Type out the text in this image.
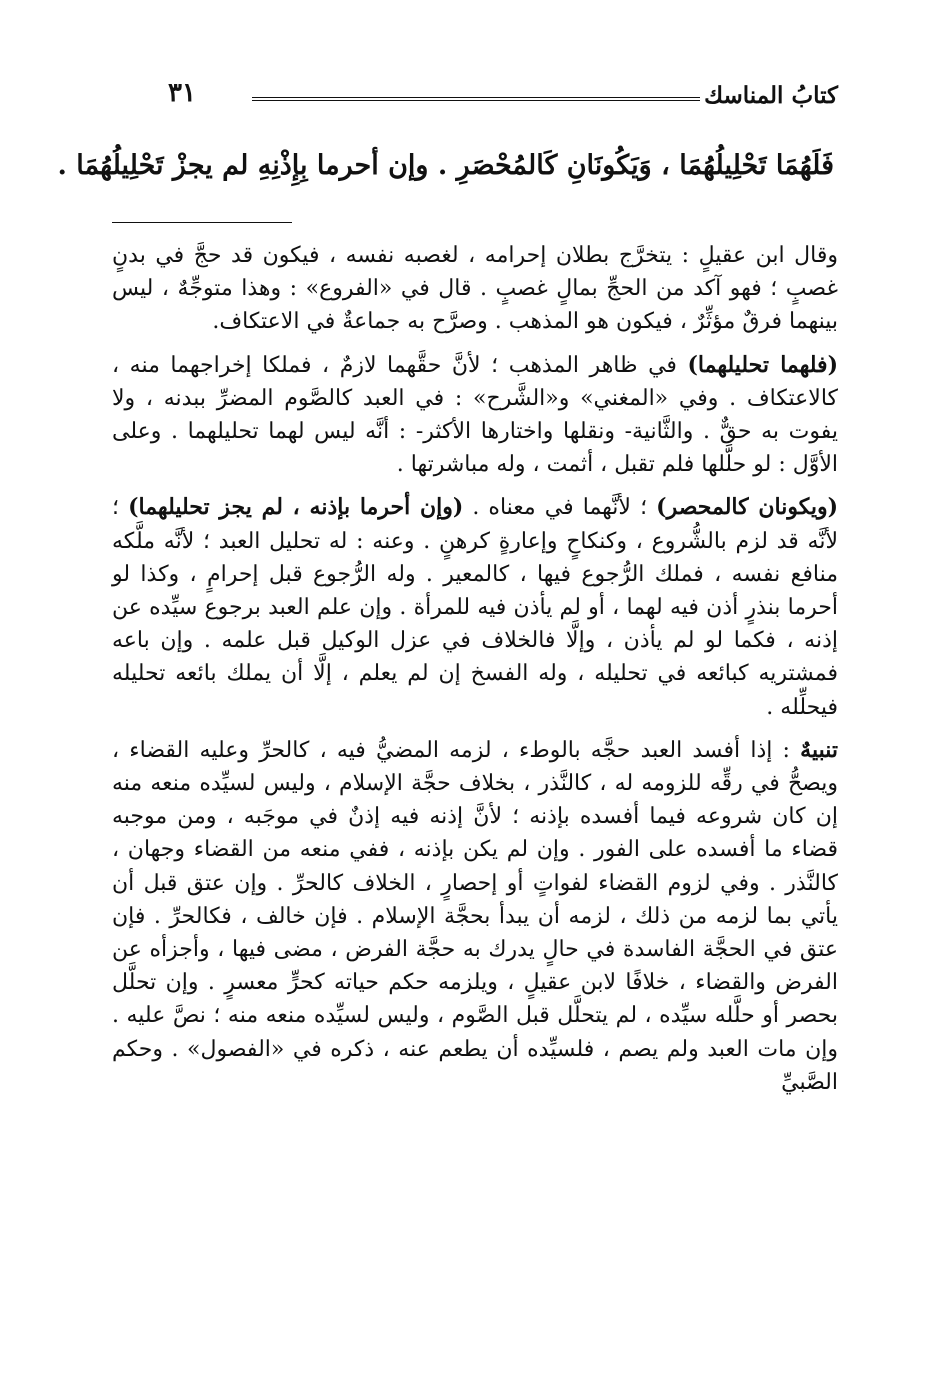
كتابُ المناسك
٣١
فَلَهُمَا تَحْلِيلُهُمَا ، وَيَكُونَانِ كَالمُحْصَرِ . وإن أحرما بِإِذْنِهِ لم يجزْ تَحْلِيلُهُمَا .

وقال ابن عقيلٍ : يتخرَّج بطلان إحرامه ، لغصبه نفسه ، فيكون قد حجَّ في بدنٍ غصبٍ ؛ فهو آكد من الحجِّ بمالٍ غصبٍ . قال في «الفروع» : وهذا متوجِّهٌ ، ليس بينهما فرقٌ مؤثِّرٌ ، فيكون هو المذهب . وصرَّح به جماعةٌ في الاعتكاف.

(فلهما تحليلهما) في ظاهر المذهب ؛ لأنَّ حقَّهما لازمٌ ، فملكا إخراجهما منه ، كالاعتكاف . وفي «المغني» و«الشَّرح» : في العبد كالصَّوم المضرِّ ببدنه ، ولا يفوت به حقٌّ . والثَّانية- ونقلها واختارها الأكثر- : أنَّه ليس لهما تحليلهما . وعلى الأوَّل : لو حلَّلها فلم تقبل ، أثمت ، وله مباشرتها .

(ويكونان كالمحصر) ؛ لأنَّهما في معناه . (وإن أحرما بإذنه ، لم يجز تحليلهما) ؛ لأنَّه قد لزم بالشُّروع ، وكنكاحٍ وإعارةٍ كرهنٍ . وعنه : له تحليل العبد ؛ لأنَّه ملَّكه منافع نفسه ، فملك الرُّجوع فيها ، كالمعير . وله الرُّجوع قبل إحرامٍ ، وكذا لو أحرما بنذرٍ أذن فيه لهما ، أو لم يأذن فيه للمرأة . وإن علم العبد برجوع سيِّده عن إذنه ، فكما لو لم يأذن ، وإلَّا فالخلاف في عزل الوكيل قبل علمه . وإن باعه فمشتريه كبائعه في تحليله ، وله الفسخ إن لم يعلم ، إلَّا أن يملك بائعه تحليله فيحلِّله .

تنبيهٌ : إذا أفسد العبد حجَّه بالوطء ، لزمه المضيُّ فيه ، كالحرِّ وعليه القضاء ، ويصحُّ في رقِّه للزومه له ، كالنَّذر ، بخلاف حجَّة الإسلام ، وليس لسيِّده منعه منه إن كان شروعه فيما أفسده بإذنه ؛ لأنَّ إذنه فيه إذنٌ في موجَبه ، ومن موجبه قضاء ما أفسده على الفور . وإن لم يكن بإذنه ، ففي منعه من القضاء وجهان ، كالنَّذر . وفي لزوم القضاء لفواتٍ أو إحصارٍ ، الخلاف كالحرِّ . وإن عتق قبل أن يأتي بما لزمه من ذلك ، لزمه أن يبدأ بحجَّة الإسلام . فإن خالف ، فكالحرِّ . فإن عتق في الحجَّة الفاسدة في حالٍ يدرك به حجَّة الفرض ، مضى فيها ، وأجزأه عن الفرض والقضاء ، خلافًا لابن عقيلٍ ، ويلزمه حكم حياته كحرٍّ معسرٍ . وإن تحلَّل بحصر أو حلَّله سيِّده ، لم يتحلَّل قبل الصَّوم ، وليس لسيِّده منعه منه ؛ نصَّ عليه . وإن مات العبد ولم يصم ، فلسيِّده أن يطعم عنه ، ذكره في «الفصول» . وحكم الصَّبيِّ
